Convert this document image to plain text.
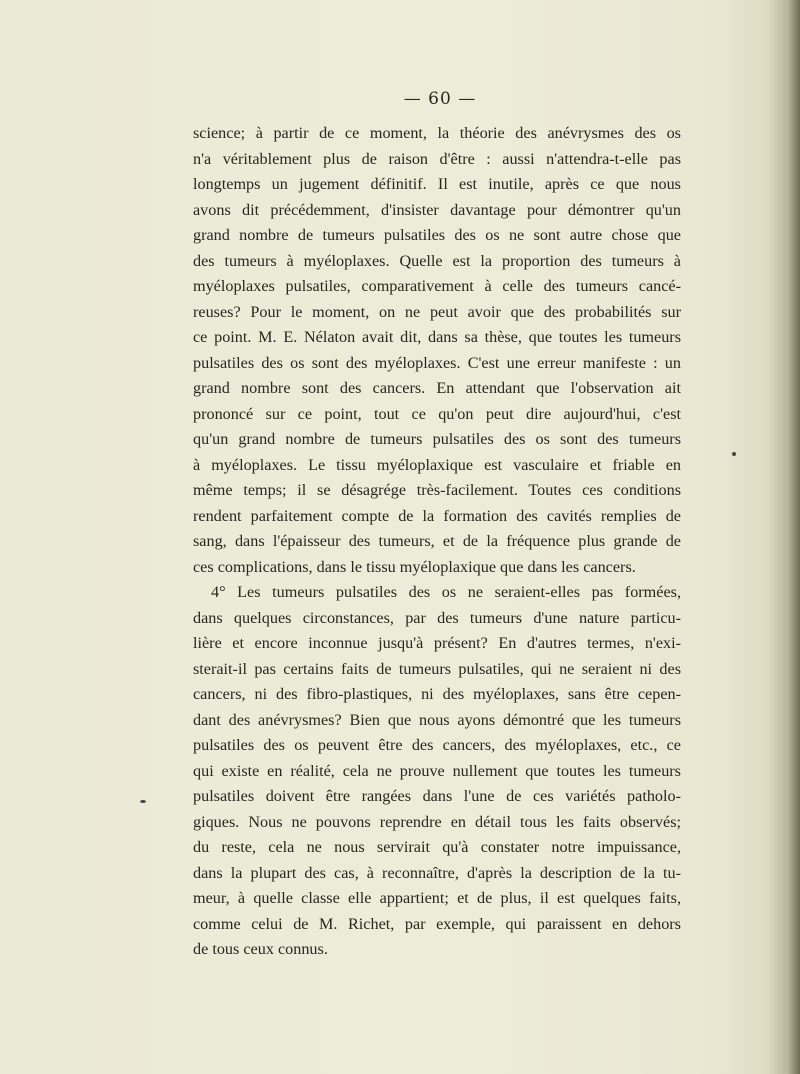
— 60 —
science; à partir de ce moment, la théorie des anévrysmes des os
n'a véritablement plus de raison d'être : aussi n'attendra-t-elle pas
longtemps un jugement définitif. Il est inutile, après ce que nous
avons dit précédemment, d'insister davantage pour démontrer qu'un
grand nombre de tumeurs pulsatiles des os ne sont autre chose que
des tumeurs à myéloplaxes. Quelle est la proportion des tumeurs à
myéloplaxes pulsatiles, comparativement à celle des tumeurs cancé-
reuses? Pour le moment, on ne peut avoir que des probabilités sur
ce point. M. E. Nélaton avait dit, dans sa thèse, que toutes les tumeurs
pulsatiles des os sont des myéloplaxes. C'est une erreur manifeste : un
grand nombre sont des cancers. En attendant que l'observation ait
prononcé sur ce point, tout ce qu'on peut dire aujourd'hui, c'est
qu'un grand nombre de tumeurs pulsatiles des os sont des tumeurs
à myéloplaxes. Le tissu myéloplaxique est vasculaire et friable en
même temps; il se désagrége très-facilement. Toutes ces conditions
rendent parfaitement compte de la formation des cavités remplies de
sang, dans l'épaisseur des tumeurs, et de la fréquence plus grande de
ces complications, dans le tissu myéloplaxique que dans les cancers.
4° Les tumeurs pulsatiles des os ne seraient-elles pas formées,
dans quelques circonstances, par des tumeurs d'une nature particu-
lière et encore inconnue jusqu'à présent? En d'autres termes, n'exi-
sterait-il pas certains faits de tumeurs pulsatiles, qui ne seraient ni des
cancers, ni des fibro-plastiques, ni des myéloplaxes, sans être cepen-
dant des anévrysmes? Bien que nous ayons démontré que les tumeurs
pulsatiles des os peuvent être des cancers, des myéloplaxes, etc., ce
qui existe en réalité, cela ne prouve nullement que toutes les tumeurs
pulsatiles doivent être rangées dans l'une de ces variétés patholo-
giques. Nous ne pouvons reprendre en détail tous les faits observés;
du reste, cela ne nous servirait qu'à constater notre impuissance,
dans la plupart des cas, à reconnaître, d'après la description de la tu-
meur, à quelle classe elle appartient; et de plus, il est quelques faits,
comme celui de M. Richet, par exemple, qui paraissent en dehors
de tous ceux connus.
